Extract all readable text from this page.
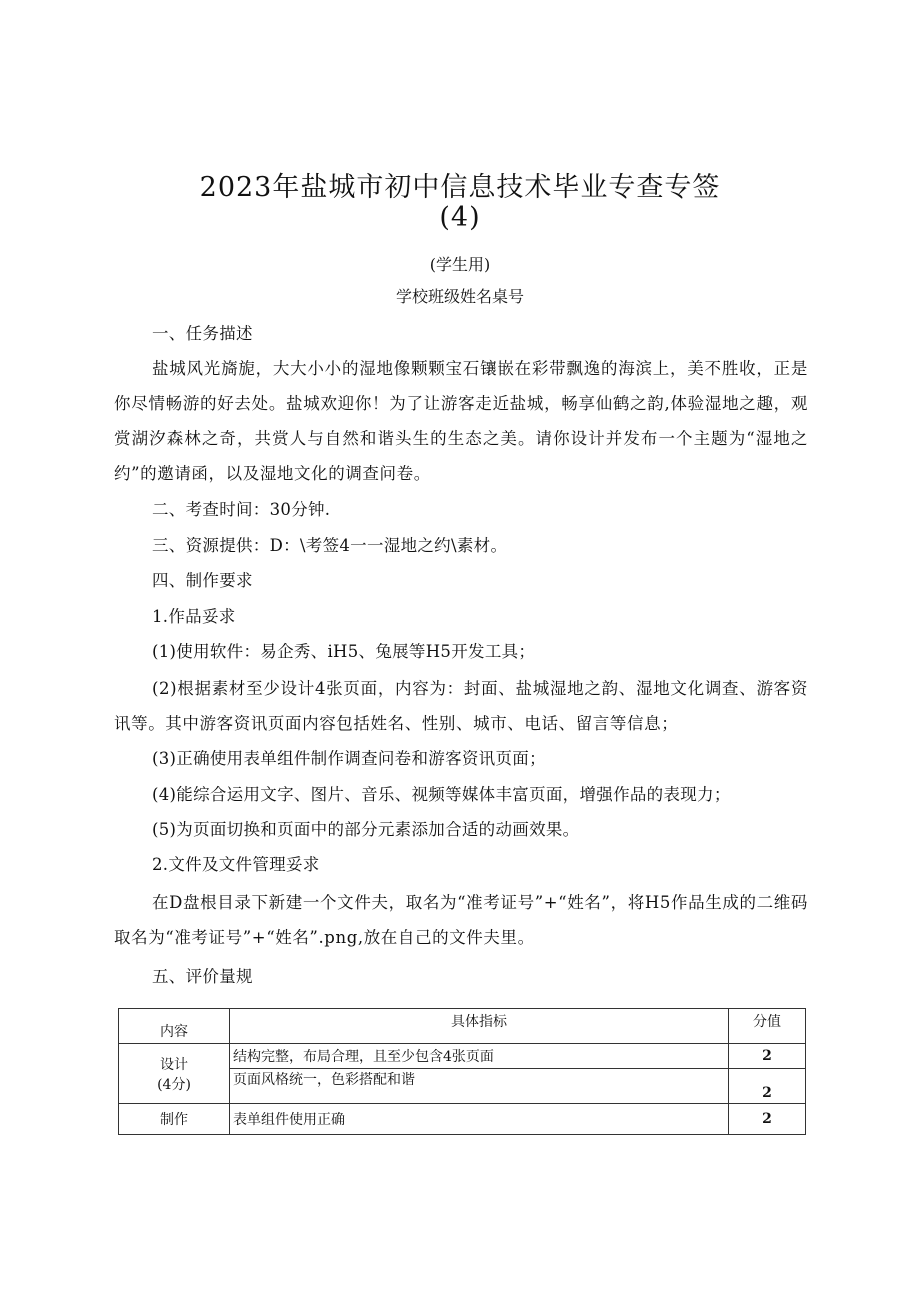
2023年盐城市初中信息技术毕业专查专签
(4)
(学生用)
学校班级姓名桌号
一、任务描述
盐城风光旖旎，大大小小的湿地像颗颗宝石镶嵌在彩带飘逸的海滨上，美不胜收，正是你尽情畅游的好去处。盐城欢迎你！为了让游客走近盐城，畅享仙鹤之韵,体验湿地之趣，观赏湖汐森林之奇，共赏人与自然和谐头生的生态之美。请你设计并发布一个主题为“湿地之约”的邀请函，以及湿地文化的调查问卷。
二、考查时间：30分钟.
三、资源提供：D：\考签4一一湿地之约\素材。
四、制作要求
1.作品妥求
(1)使用软件：易企秀、iH5、兔展等H5开发工具；
(2)根据素材至少设计4张页面，内容为：封面、盐城湿地之韵、湿地文化调查、游客资讯等。其中游客资讯页面内容包括姓名、性别、城市、电话、留言等信息；
(3)正确使用表单组件制作调查问卷和游客资讯页面；
(4)能综合运用文字、图片、音乐、视频等媒体丰富页面，增强作品的表现力；
(5)为页面切换和页面中的部分元素添加合适的动画效果。
2.文件及文件管理妥求
在D盘根目录下新建一个文件夫，取名为“准考证号”+“姓名”，将H5作品生成的二维码取名为“准考证号”+“姓名”.png,放在自己的文件夫里。
五、评价量规
内容	具体指标	分值

设计
(4分)	结构完整，布局合理，且至少包含4张页面	2
	页面风格统一，色彩搭配和谐	2
制作	表单组件使用正确	2
